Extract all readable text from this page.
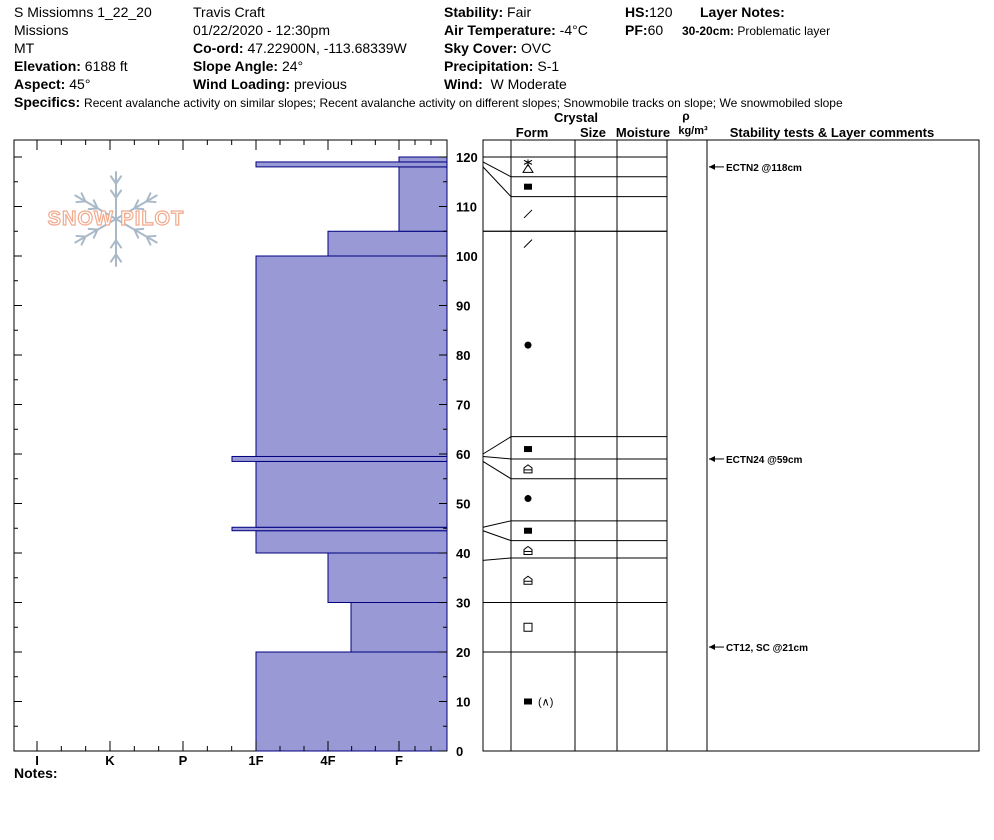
S Missiomns 1_22_20
Missions
MT
Elevation: 6188 ft
Aspect: 45°
Travis Craft
01/22/2020 - 12:30pm
Co-ord: 47.22900N, -113.68339W
Slope Angle: 24°
Wind Loading: previous
Stability: Fair
Air Temperature: -4°C
Sky Cover: OVC
Precipitation: S-1
Wind: W Moderate
HS:120
PF:60
Layer Notes:
30-20cm: Problematic layer
Specifics: Recent avalanche activity on similar slopes; Recent avalanche activity on different slopes; Snowmobile tracks on slope; We snowmobiled slope
SNOW PILOT
I	K	P	1F	4F	F
0
10
20
30
40
50
60
70
80
90
100
110
120
(∧)
ECTN2 @118cm
ECTN24 @59cm
CT12, SC @21cm
Crystal
Form Size Moisture
ρ
kg/m³ Stability tests & Layer comments
Notes:
